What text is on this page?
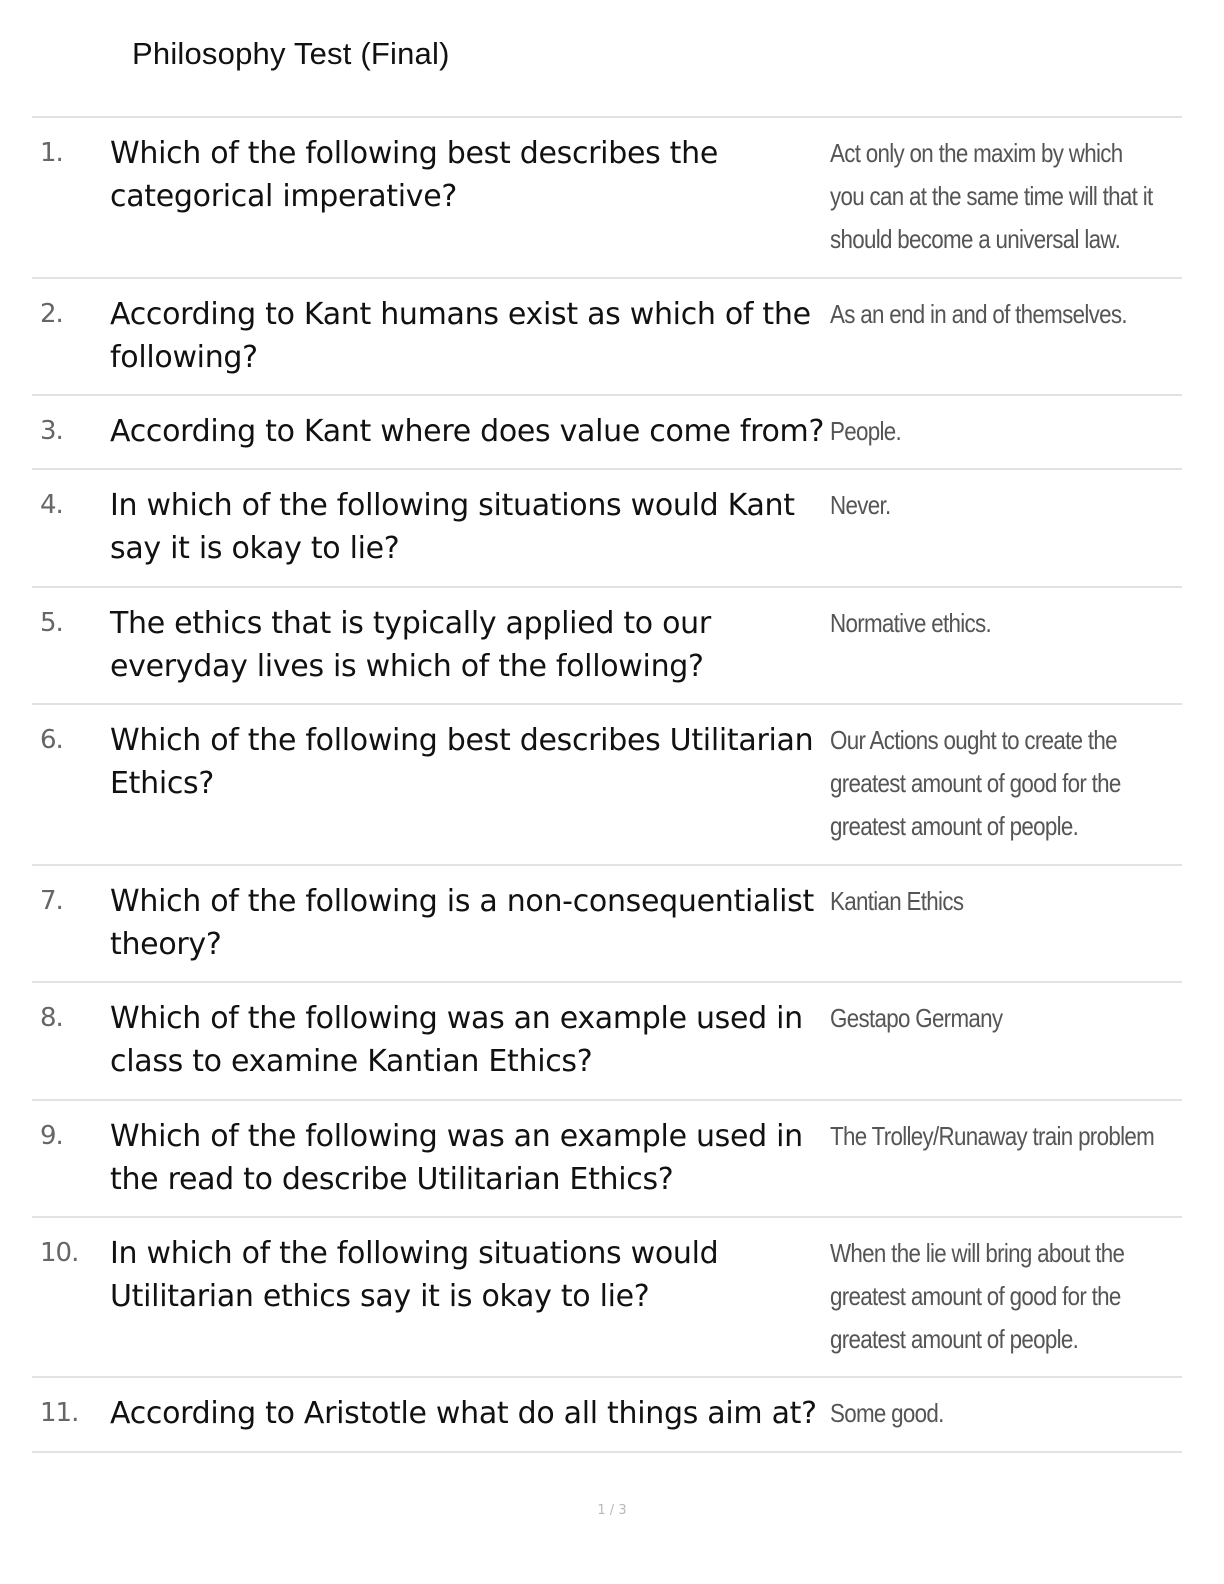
Philosophy Test (Final)
1.	Which of the following best describes the categorical imperative?
Act only on the maxim by which you can at the same time will that it should become a universal law.
2.	According to Kant humans exist as which of the following?
As an end in and of themselves.
3.	According to Kant where does value come from? People.
4.	In which of the following situations would Kant say it is okay to lie?
Never.
5.	The ethics that is typically applied to our everyday lives is which of the following?
Normative ethics.
6.	Which of the following best describes Utilitarian Ethics?
Our Actions ought to create the greatest amount of good for the greatest amount of people.
7.	Which of the following is a non-consequentialist theory?
Kantian Ethics
8.	Which of the following was an example used in class to examine Kantian Ethics?
Gestapo Germany
9.	Which of the following was an example used in the read to describe Utilitarian Ethics?
The Trolley/Runaway train problem
10.	In which of the following situations would Utilitarian ethics say it is okay to lie?
When the lie will bring about the greatest amount of good for the greatest amount of people.
11.	According to Aristotle what do all things aim at? Some good.
1 / 3
